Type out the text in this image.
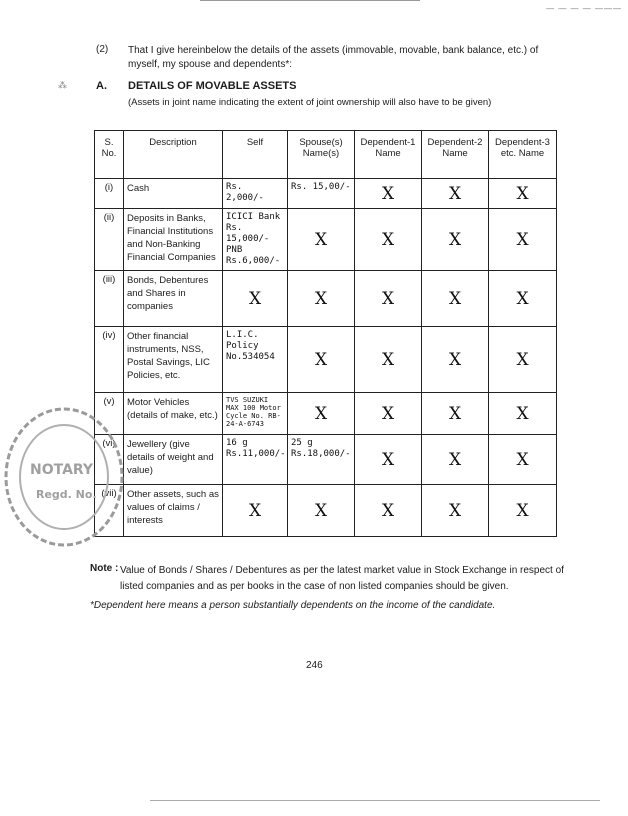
— — — — ———
(2) That I give hereinbelow the details of the assets (immovable, movable, bank balance, etc.) of myself, my spouse and dependents*:
⁂	A. DETAILS OF MOVABLE ASSETS
(Assets in joint name indicating the extent of joint ownership will also have to be given)
S. No.	Description	Self	Spouse(s) Name(s)	Dependent-1 Name	Dependent-2 Name	Dependent-3 etc. Name
(i)	Cash	Rs. 2,000/-	Rs. 15,00/-	X	X	X
(ii)	Deposits in Banks, Financial Institutions and Non-Banking Financial Companies	ICICI Bank Rs. 15,000/- PNB Rs.6,000/-	X	X	X	X
(iii)	Bonds, Debentures and Shares in companies	X	X	X	X	X
(iv)	Other financial instruments, NSS, Postal Savings, LIC Policies, etc.	L.I.C. Policy No.534054	X	X	X	X
(v)	Motor Vehicles (details of make, etc.)	TVS SUZUKI MAX 100 Motor Cycle No. RB-24-A-6743	X	X	X	X
(vi)	Jewellery (give details of weight and value)	16 g Rs.11,000/-	25 g Rs.18,000/-	X	X	X
(vii)	Other assets, such as values of claims / interests	X	X	X	X	X
NOTARY
Regd. No.
Note : Value of Bonds / Shares / Debentures as per the latest market value in Stock Exchange in respect of listed companies and as per books in the case of non listed companies should be given.
*Dependent here means a person substantially dependents on the income of the candidate.
246
